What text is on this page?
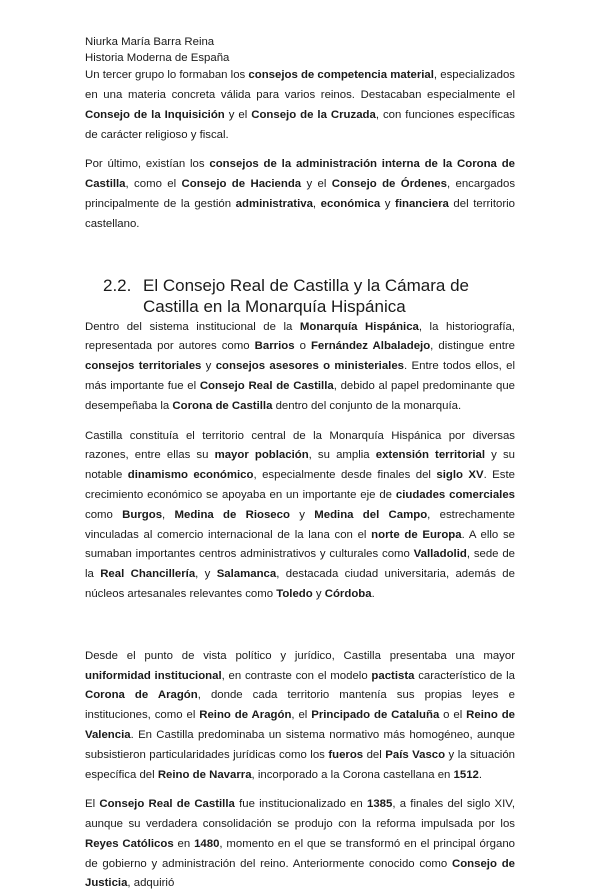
Niurka María Barra Reina

Historia Moderna de España

Un tercer grupo lo formaban los consejos de competencia material, especializados en una materia concreta válida para varios reinos. Destacaban especialmente el Consejo de la Inquisición y el Consejo de la Cruzada, con funciones específicas de carácter religioso y fiscal.

Por último, existían los consejos de la administración interna de la Corona de Castilla, como el Consejo de Hacienda y el Consejo de Órdenes, encargados principalmente de la gestión administrativa, económica y financiera del territorio castellano.

2.2. El Consejo Real de Castilla y la Cámara de Castilla en la Monarquía Hispánica

Dentro del sistema institucional de la Monarquía Hispánica, la historiografía, representada por autores como Barrios o Fernández Albaladejo, distingue entre consejos territoriales y consejos asesores o ministeriales. Entre todos ellos, el más importante fue el Consejo Real de Castilla, debido al papel predominante que desempeñaba la Corona de Castilla dentro del conjunto de la monarquía.

Castilla constituía el territorio central de la Monarquía Hispánica por diversas razones, entre ellas su mayor población, su amplia extensión territorial y su notable dinamismo económico, especialmente desde finales del siglo XV. Este crecimiento económico se apoyaba en un importante eje de ciudades comerciales como Burgos, Medina de Rioseco y Medina del Campo, estrechamente vinculadas al comercio internacional de la lana con el norte de Europa. A ello se sumaban importantes centros administrativos y culturales como Valladolid, sede de la Real Chancillería, y Salamanca, destacada ciudad universitaria, además de núcleos artesanales relevantes como Toledo y Córdoba.

Desde el punto de vista político y jurídico, Castilla presentaba una mayor uniformidad institucional, en contraste con el modelo pactista característico de la Corona de Aragón, donde cada territorio mantenía sus propias leyes e instituciones, como el Reino de Aragón, el Principado de Cataluña o el Reino de Valencia. En Castilla predominaba un sistema normativo más homogéneo, aunque subsistieron particularidades jurídicas como los fueros del País Vasco y la situación específica del Reino de Navarra, incorporado a la Corona castellana en 1512.

El Consejo Real de Castilla fue institucionalizado en 1385, a finales del siglo XIV, aunque su verdadera consolidación se produjo con la reforma impulsada por los Reyes Católicos en 1480, momento en el que se transformó en el principal órgano de gobierno y administración del reino. Anteriormente conocido como Consejo de Justicia, adquirió
